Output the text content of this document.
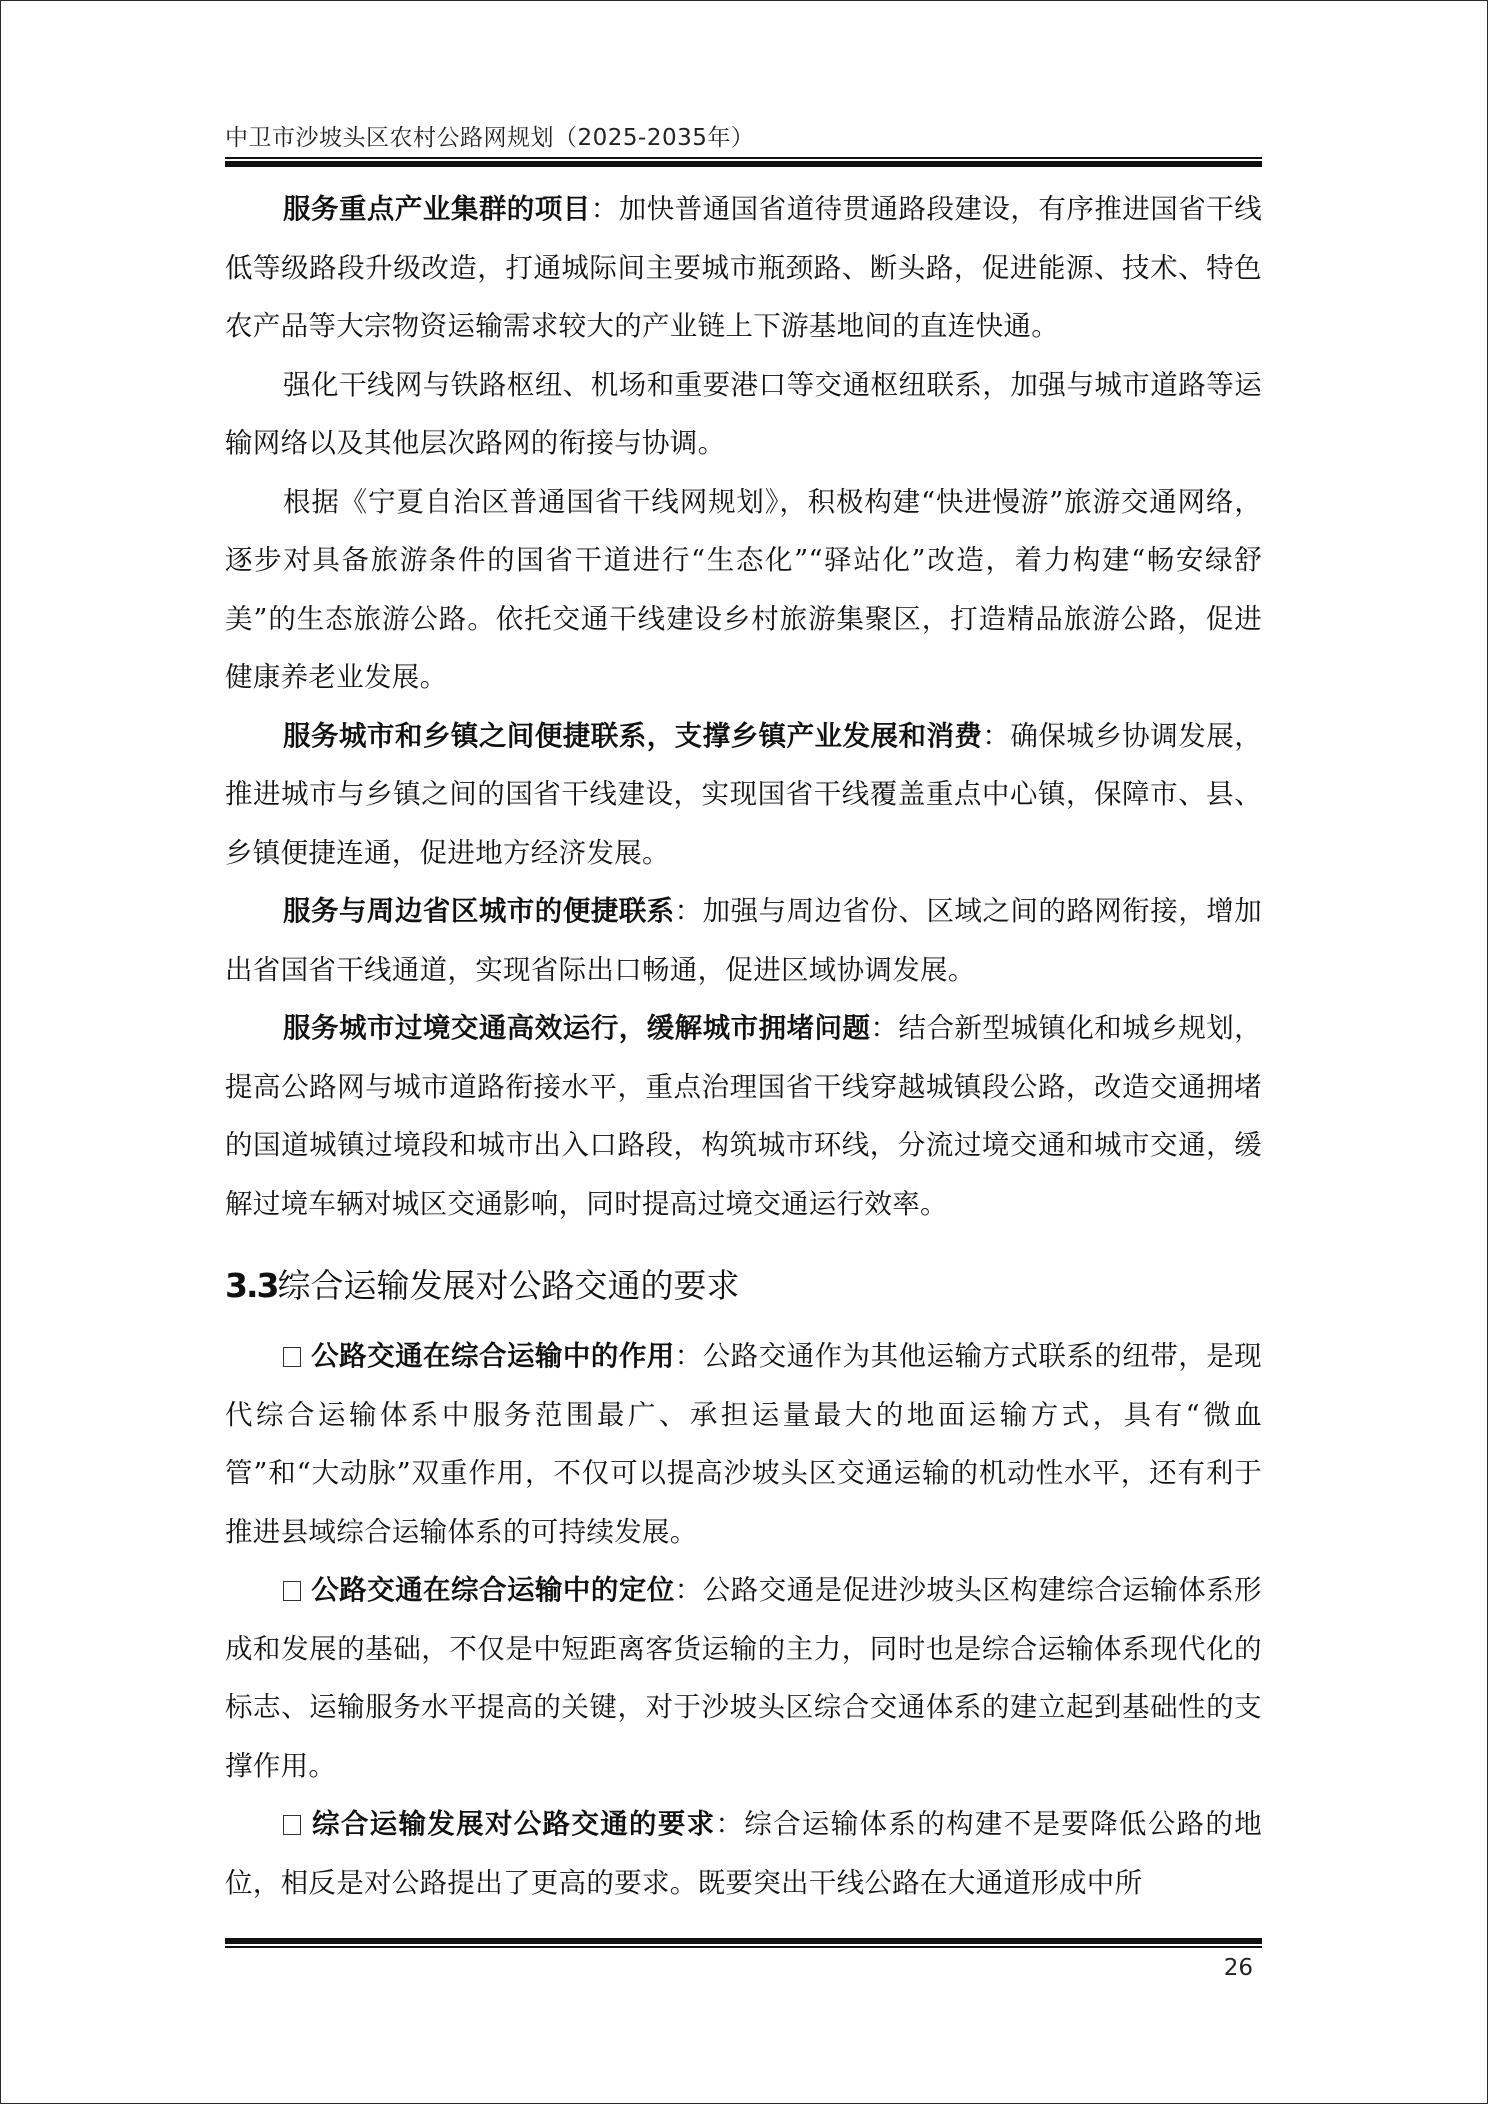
中卫市沙坡头区农村公路网规划（2025-2035年）

服务重点产业集群的项目：加快普通国省道待贯通路段建设，有序推进国省干线低等级路段升级改造，打通城际间主要城市瓶颈路、断头路，促进能源、技术、特色农产品等大宗物资运输需求较大的产业链上下游基地间的直连快通。

强化干线网与铁路枢纽、机场和重要港口等交通枢纽联系，加强与城市道路等运输网络以及其他层次路网的衔接与协调。

根据《宁夏自治区普通国省干线网规划》，积极构建“快进慢游”旅游交通网络，逐步对具备旅游条件的国省干道进行“生态化”“驿站化”改造，着力构建“畅安绿舒美”的生态旅游公路。依托交通干线建设乡村旅游集聚区，打造精品旅游公路，促进健康养老业发展。

服务城市和乡镇之间便捷联系，支撑乡镇产业发展和消费：确保城乡协调发展，推进城市与乡镇之间的国省干线建设，实现国省干线覆盖重点中心镇，保障市、县、乡镇便捷连通，促进地方经济发展。

服务与周边省区城市的便捷联系：加强与周边省份、区域之间的路网衔接，增加出省国省干线通道，实现省际出口畅通，促进区域协调发展。

服务城市过境交通高效运行，缓解城市拥堵问题：结合新型城镇化和城乡规划，提高公路网与城市道路衔接水平，重点治理国省干线穿越城镇段公路，改造交通拥堵的国道城镇过境段和城市出入口路段，构筑城市环线，分流过境交通和城市交通，缓解过境车辆对城区交通影响，同时提高过境交通运行效率。

3.3综合运输发展对公路交通的要求

公路交通在综合运输中的作用：公路交通作为其他运输方式联系的纽带，是现代综合运输体系中服务范围最广、承担运量最大的地面运输方式，具有“微血管”和“大动脉”双重作用，不仅可以提高沙坡头区交通运输的机动性水平，还有利于推进县域综合运输体系的可持续发展。

公路交通在综合运输中的定位：公路交通是促进沙坡头区构建综合运输体系形成和发展的基础，不仅是中短距离客货运输的主力，同时也是综合运输体系现代化的标志、运输服务水平提高的关键，对于沙坡头区综合交通体系的建立起到基础性的支撑作用。

综合运输发展对公路交通的要求：综合运输体系的构建不是要降低公路的地位，相反是对公路提出了更高的要求。既要突出干线公路在大通道形成中所

26
